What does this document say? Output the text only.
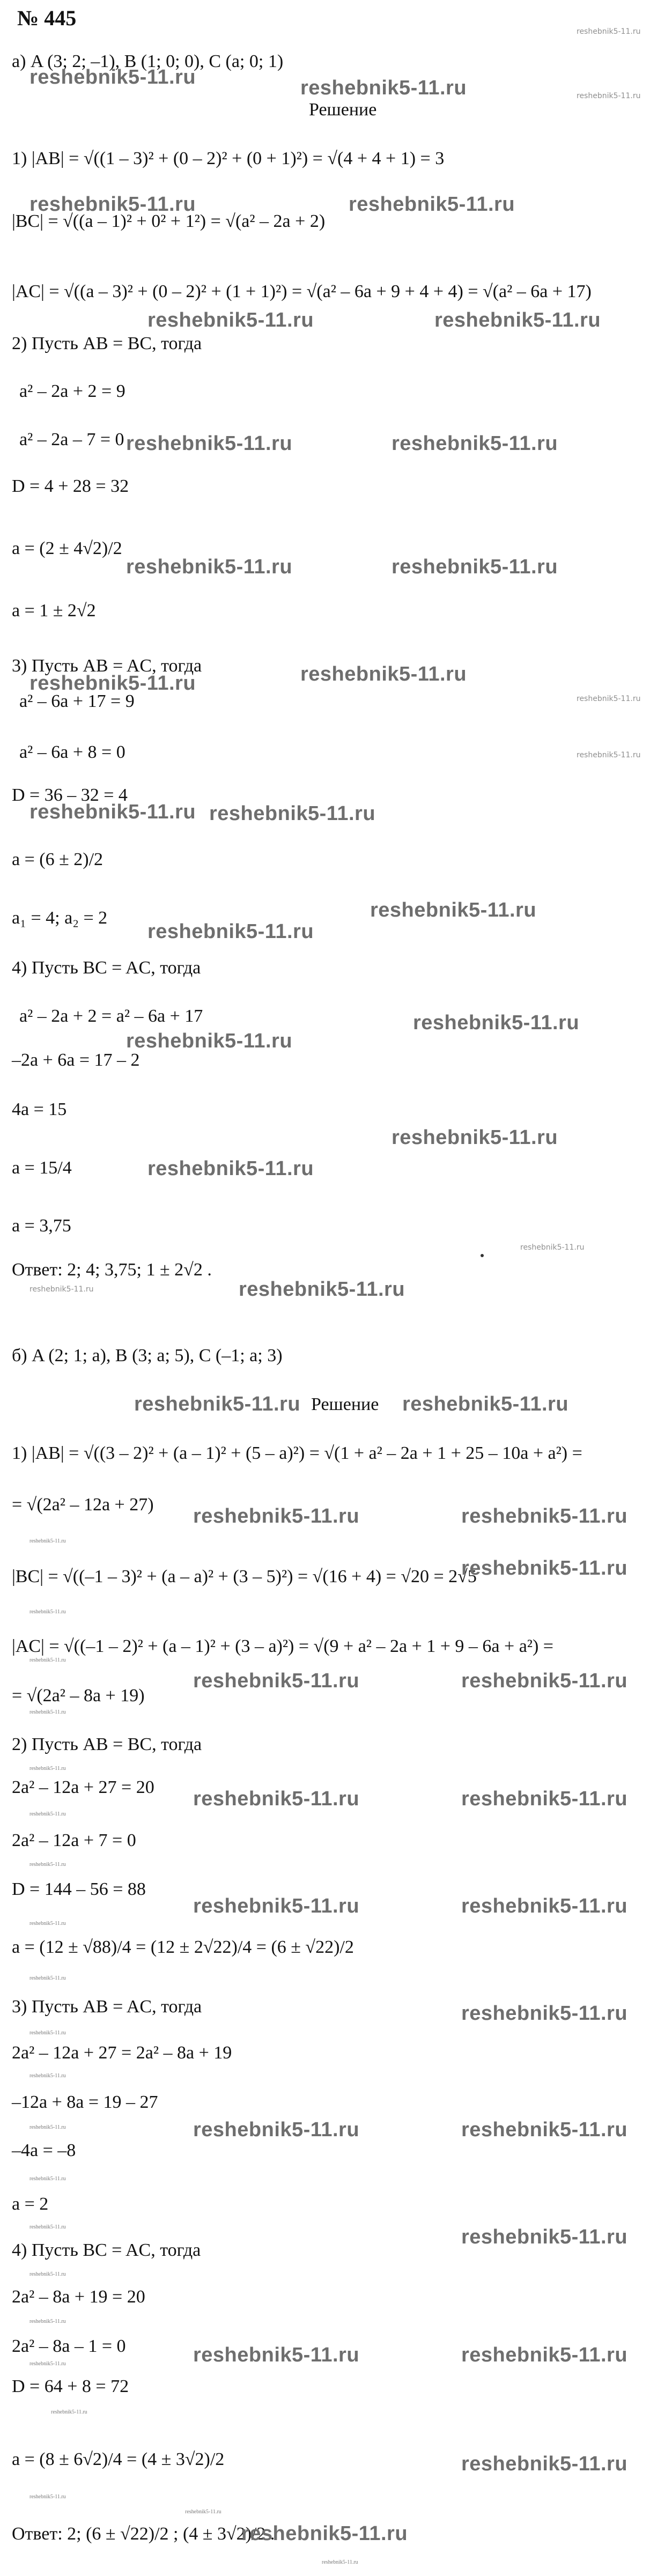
№ 445
а) A (3; 2; –1), B (1; 0; 0), C (a; 0; 1)
Решение
1) |AB| = √((1 – 3)² + (0 – 2)² + (0 + 1)²) = √(4 + 4 + 1) = 3
|BC| = √((a – 1)² + 0² + 1²) = √(a² – 2a + 2)
|AC| = √((a – 3)² + (0 – 2)² + (1 + 1)²) = √(a² – 6a + 9 + 4 + 4) = √(a² – 6a + 17)
2) Пусть AB = BC, тогда
a² – 2a + 2 = 9
a² – 2a – 7 = 0
D = 4 + 28 = 32
a = (2 ± 4√2)/2
a = 1 ± 2√2
3) Пусть AB = AC, тогда
a² – 6a + 17 = 9
a² – 6a + 8 = 0
D = 36 – 32 = 4
a = (6 ± 2)/2
a₁ = 4; a₂ = 2
4) Пусть BC = AC, тогда
a² – 2a + 2 = a² – 6a + 17
–2a + 6a = 17 – 2
4a = 15
a = 15/4
a = 3,75
Ответ: 2; 4; 3,75; 1 ± 2√2 .
б) A (2; 1; a), B (3; a; 5), C (–1; a; 3)
Решение
1) |AB| = √((3 – 2)² + (a – 1)² + (5 – a)²) = √(1 + a² – 2a + 1 + 25 – 10a + a²) =
= √(2a² – 12a + 27)
|BC| = √((–1 – 3)² + (a – a)² + (3 – 5)²) = √(16 + 4) = √20 = 2√5
|AC| = √((–1 – 2)² + (a – 1)² + (3 – a)²) = √(9 + a² – 2a + 1 + 9 – 6a + a²) =
= √(2a² – 8a + 19)
2) Пусть AB = BC, тогда
2a² – 12a + 27 = 20
2a² – 12a + 7 = 0
D = 144 – 56 = 88
a = (12 ± √88)/4 = (12 ± 2√22)/4 = (6 ± √22)/2
3) Пусть AB = AC, тогда
2a² – 12a + 27 = 2a² – 8a + 19
–12a + 8a = 19 – 27
–4a = –8
a = 2
4) Пусть BC = AC, тогда
2a² – 8a + 19 = 20
2a² – 8a – 1 = 0
D = 64 + 8 = 72
a = (8 ± 6√2)/4 = (4 ± 3√2)/2
Ответ: 2; (6 ± √22)/2 ; (4 ± 3√2)/2 .
reshebnik5-11.ru	reshebnik5-11.ru
reshebnik5-11.ru	reshebnik5-11.ru
reshebnik5-11.ru	reshebnik5-11.ru
reshebnik5-11.ru	reshebnik5-11.ru
reshebnik5-11.ru	reshebnik5-11.ru
reshebnik5-11.ru	reshebnik5-11.ru
reshebnik5-11.ru reshebnik5-11.ru
reshebnik5-11.ru
reshebnik5-11.ru
reshebnik5-11.ru
reshebnik5-11.ru
reshebnik5-11.ru
reshebnik5-11.ru
reshebnik5-11.ru
reshebnik5-11.ru	reshebnik5-11.ru
reshebnik5-11.ru	reshebnik5-11.ru
reshebnik5-11.ru
reshebnik5-11.ru	reshebnik5-11.ru
reshebnik5-11.ru	reshebnik5-11.ru
reshebnik5-11.ru	reshebnik5-11.ru
reshebnik5-11.ru
reshebnik5-11.ru	reshebnik5-11.ru
reshebnik5-11.ru
reshebnik5-11.ru	reshebnik5-11.ru
reshebnik5-11.ru
reshebnik5-11.ru
reshebnik5-11.ru
reshebnik5-11.ru
reshebnik5-11.ru
reshebnik5-11.ru
reshebnik5-11.ru
reshebnik5-11.ru
reshebnik5-11.ru
reshebnik5-11.ru
reshebnik5-11.ru
reshebnik5-11.ru
reshebnik5-11.ru
reshebnik5-11.ru
reshebnik5-11.ru
reshebnik5-11.ru
reshebnik5-11.ru
reshebnik5-11.ru
reshebnik5-11.ru
reshebnik5-11.ru
reshebnik5-11.ru
reshebnik5-11.ru
reshebnik5-11.ru
reshebnik5-11.ru
reshebnik5-11.ru
reshebnik5-11.ru
reshebnik5-11.ru
reshebnik5-11.ru
reshebnik5-11.ru
